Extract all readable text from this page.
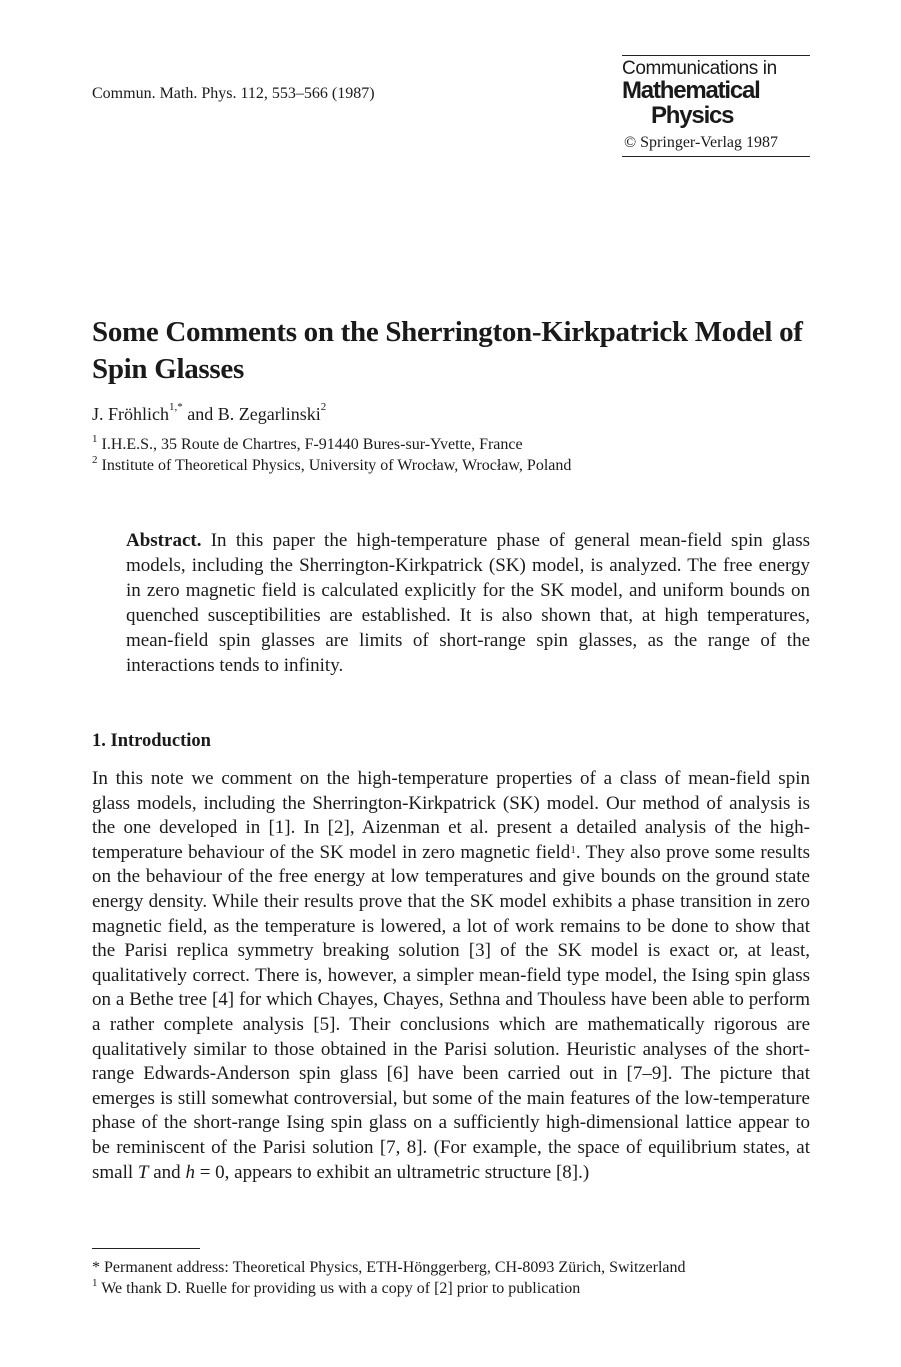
Commun. Math. Phys. 112, 553–566 (1987)
Communications in
Mathematical
Physics
© Springer-Verlag 1987
Some Comments on the Sherrington-Kirkpatrick Model of Spin Glasses
J. Fröhlich$^{1,*}$ and B. Zegarlinski$^2$
$^1$ I.H.E.S., 35 Route de Chartres, F-91440 Bures-sur-Yvette, France
$^2$ Institute of Theoretical Physics, University of Wrocław, Wrocław, Poland
Abstract. In this paper the high-temperature phase of general mean-field spin glass models, including the Sherrington-Kirkpatrick (SK) model, is analyzed. The free energy in zero magnetic field is calculated explicitly for the SK model, and uniform bounds on quenched susceptibilities are established. It is also shown that, at high temperatures, mean-field spin glasses are limits of short-range spin glasses, as the range of the interactions tends to infinity.
1. Introduction
In this note we comment on the high-temperature properties of a class of mean-field spin glass models, including the Sherrington-Kirkpatrick (SK) model. Our method of analysis is the one developed in [1]. In [2], Aizenman et al. present a detailed analysis of the high-temperature behaviour of the SK model in zero magnetic field$^1$. They also prove some results on the behaviour of the free energy at low temperatures and give bounds on the ground state energy density. While their results prove that the SK model exhibits a phase transition in zero magnetic field, as the temperature is lowered, a lot of work remains to be done to show that the Parisi replica symmetry breaking solution [3] of the SK model is exact or, at least, qualitatively correct. There is, however, a simpler mean-field type model, the Ising spin glass on a Bethe tree [4] for which Chayes, Chayes, Sethna and Thouless have been able to perform a rather complete analysis [5]. Their conclusions which are mathematically rigorous are qualitatively similar to those obtained in the Parisi solution. Heuristic analyses of the short-range Edwards-Anderson spin glass [6] have been carried out in [7–9]. The picture that emerges is still somewhat controversial, but some of the main features of the low-temperature phase of the short-range Ising spin glass on a sufficiently high-dimensional lattice appear to be reminiscent of the Parisi solution [7, 8]. (For example, the space of equilibrium states, at small T and h = 0, appears to exhibit an ultrametric structure [8].)
* Permanent address: Theoretical Physics, ETH-Hönggerberg, CH-8093 Zürich, Switzerland
$^1$ We thank D. Ruelle for providing us with a copy of [2] prior to publication
